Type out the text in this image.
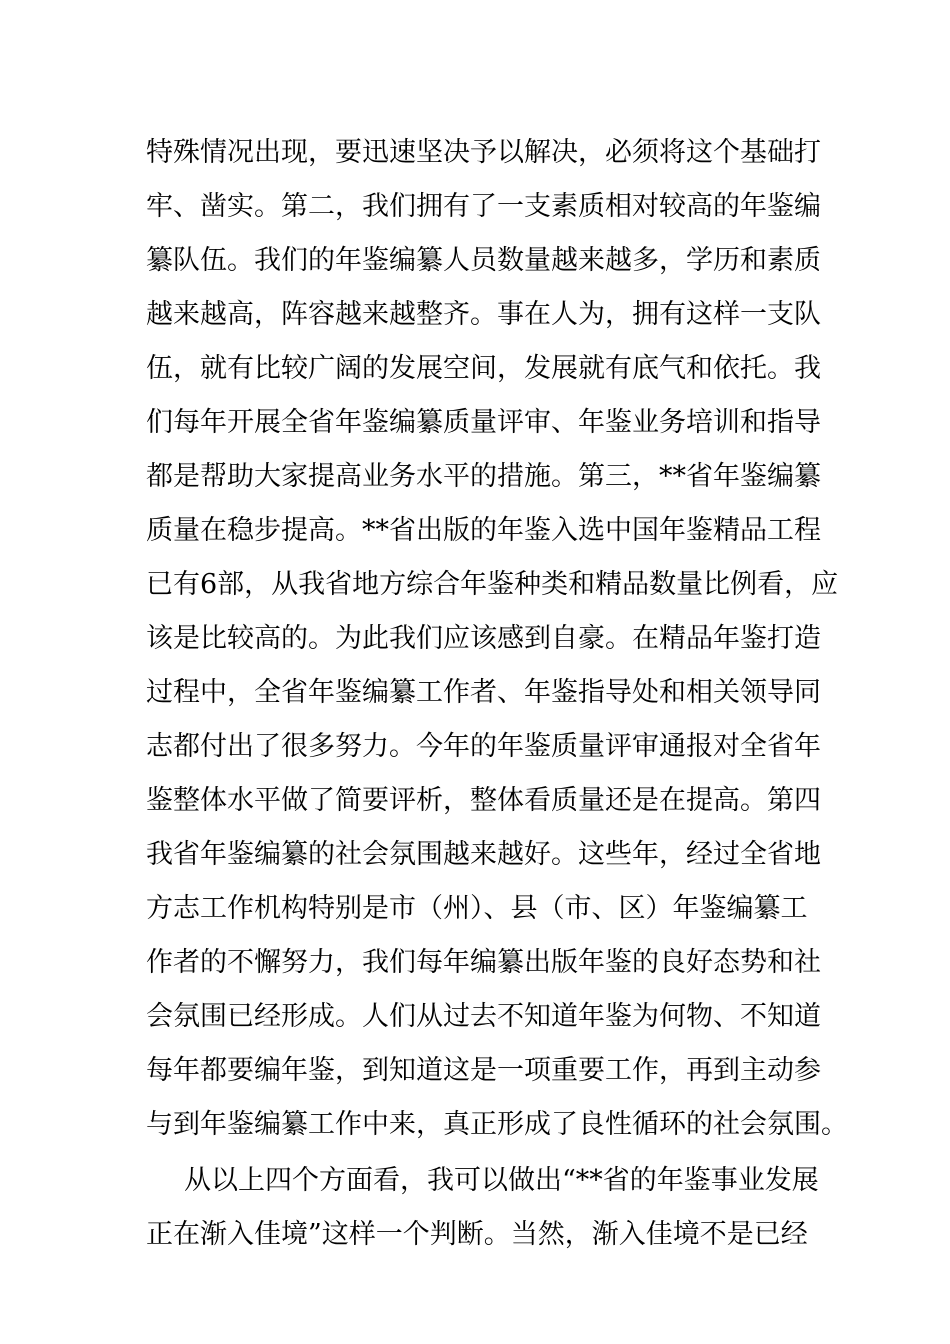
特殊情况出现，要迅速坚决予以解决，必须将这个基础打
牢、凿实。第二，我们拥有了一支素质相对较高的年鉴编
纂队伍。我们的年鉴编纂人员数量越来越多，学历和素质
越来越高，阵容越来越整齐。事在人为，拥有这样一支队
伍，就有比较广阔的发展空间，发展就有底气和依托。我
们每年开展全省年鉴编纂质量评审、年鉴业务培训和指导
都是帮助大家提高业务水平的措施。第三，**省年鉴编纂
质量在稳步提高。**省出版的年鉴入选中国年鉴精品工程
已有6部，从我省地方综合年鉴种类和精品数量比例看，应
该是比较高的。为此我们应该感到自豪。在精品年鉴打造
过程中，全省年鉴编纂工作者、年鉴指导处和相关领导同
志都付出了很多努力。今年的年鉴质量评审通报对全省年
鉴整体水平做了简要评析，整体看质量还是在提高。第四
我省年鉴编纂的社会氛围越来越好。这些年，经过全省地
方志工作机构特别是市（州）、县（市、区）年鉴编纂工
作者的不懈努力，我们每年编纂出版年鉴的良好态势和社
会氛围已经形成。人们从过去不知道年鉴为何物、不知道
每年都要编年鉴，到知道这是一项重要工作，再到主动参
与到年鉴编纂工作中来，真正形成了良性循环的社会氛围。
从以上四个方面看，我可以做出“**省的年鉴事业发展
正在渐入佳境”这样一个判断。当然，渐入佳境不是已经
